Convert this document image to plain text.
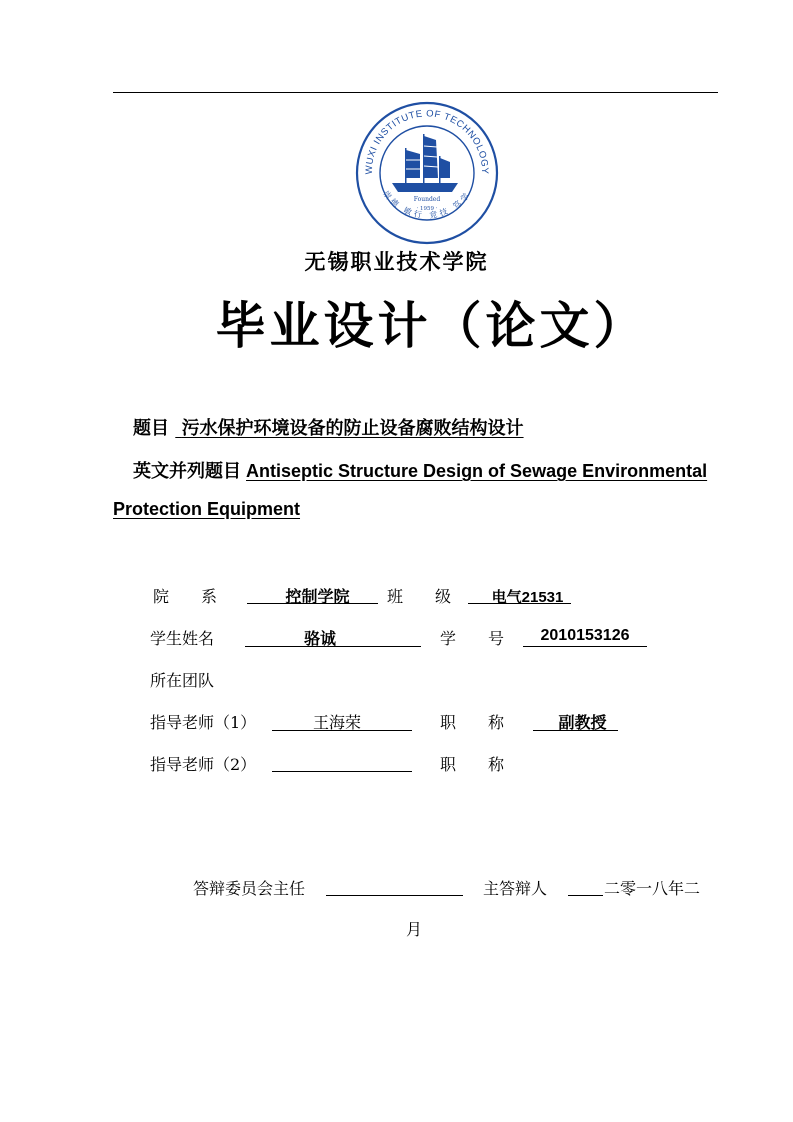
WUXI INSTITUTE OF TECHNOLOGY
崇德 敏行 竞技 笃学
Founded
· 1959 ·
无锡职业技术学院
毕业设计（论文）
题目 污水保护环境设备的防止设备腐败结构设计
英文并列题目 Antiseptic Structure Design of Sewage Environmental
Protection Equipment
院　　系	控制学院	班　　级	电气21531
学生姓名	骆诚	学　　号	2010153126
所在团队
指导老师（1）	王海荣	职　　称	副教授
指导老师（2）	职　　称
答辩委员会主任	主答辩人	二零一八年二
月
